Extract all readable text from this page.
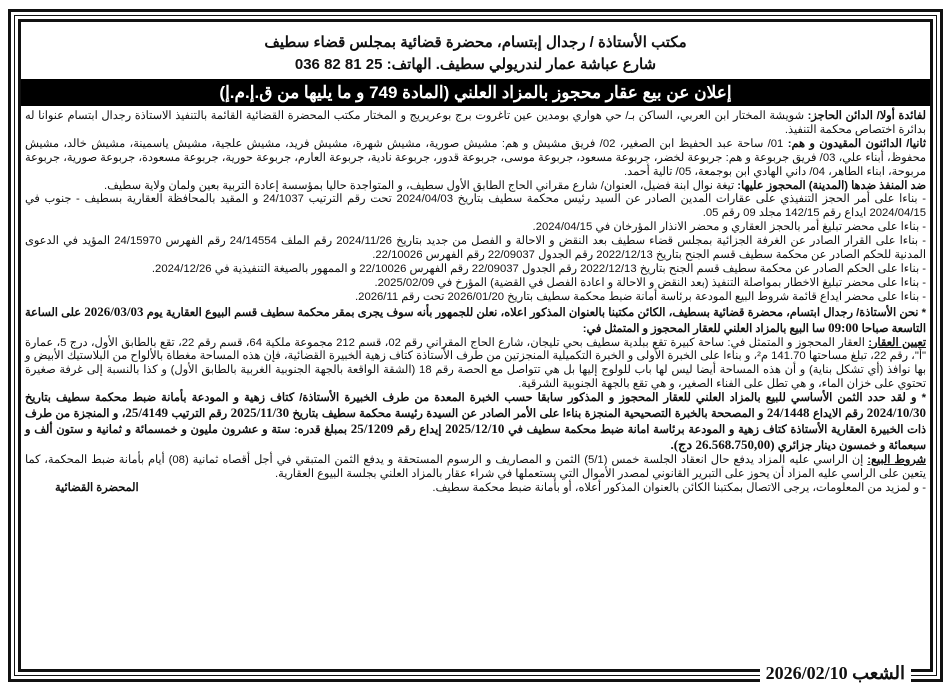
مكتب الأستاذة / رجدال إبتسام، محضرة قضائية بمجلس قضاء سطيف
شارع عباشة عمار لندريولي سطيف. الهاتف: 25 81 82 036
إعلان عن بيع عقار محجوز بالمزاد العلني (المادة 749 و ما يليها من ق.إ.م.إ)

لفائدة أولا/ الدائن الحاجز: شويشة المختار ابن العربي، الساكن بـ/ حي هواري بومدين عين تاغروت برج بوعريريج و المختار مكتب المحضرة القضائية القائمة بالتنفيذ الاستاذة رجدال ابتسام عنوانا له بدائرة اختصاص محكمة التنفيذ.

ثانيا/ الدائنون المقيدون و هم: 01/ ساحة عبد الحفيظ ابن الصغير، 02/ فريق مشيش و هم: مشيش صورية، مشيش شهرة، مشيش فريد، مشيش علجية، مشيش ياسمينة، مشيش خالد، مشيش محفوظ، أبناء علي، 03/ فريق جربوعة و هم: جربوعة لخضر، جربوعة مسعود، جربوعة موسى، جربوعة قدور، جربوعة نادية، جربوعة العارم، جربوعة حورية، جربوعة مسعودة، جربوعة صورية، جربوعة مربوحة، ابناء الطاهر، 04/ داني الهادي ابن بوجمعة، 05/ تالية أحمد.

ضد المنفذ ضدها (المدينة) المحجوز عليها: تيغة نوال ابنة فضيل، العنوان/ شارع مقراني الحاج الطابق الأول سطيف، و المتواجدة حاليا بمؤسسة إعادة التربية بعين ولمان ولاية سطيف.

- بناءا على أمر الحجز التنفيذي على عقارات المدين الصادر عن السيد رئيس محكمة سطيف بتاريخ 2024/04/03 تحت رقم الترتيب 24/1037 و المقيد بالمحافظة العقارية بسطيف - جنوب في 2024/04/15 ايداع رقم 142/15 مجلد 09 رقم 05.

- بناءا على محضر تبليغ أمر بالحجز العقاري و محضر الانذار المؤرخان في 2024/04/15.

- بناءا على القرار الصادر عن الغرفة الجزائية بمجلس قضاء سطيف بعد النقض و الاحالة و الفصل من جديد بتاريخ 2024/11/26 رقم الملف 24/14554 رقم الفهرس 24/15970 المؤيد في الدعوى المدنية للحكم الصادر عن محكمة سطيف قسم الجنح بتاريخ 2022/12/13 رقم الجدول 22/09037 رقم الفهرس 22/10026.

- بناءا على الحكم الصادر عن محكمة سطيف قسم الجنح بتاريخ 2022/12/13 رقم الجدول 22/09037 رقم الفهرس 22/10026 و الممهور بالصيغة التنفيذية في 2024/12/26.

- بناءا على محضر تبليغ الاخطار بمواصلة التنفيذ (بعد النقض و الاحالة و اعادة الفصل في القضية) المؤرخ في 2025/02/09.

- بناءا على محضر ايداع قائمة شروط البيع المودعة برئاسة أمانة ضبط محكمة سطيف بتاريخ 2026/01/20 تحت رقم 2026/11.

* نحن الأستاذة/ رجدال ابتسام، محضرة قضائية بسطيف، الكائن مكتبنا بالعنوان المذكور اعلاه، نعلن للجمهور بأنه سوف يجرى بمقر محكمة سطيف قسم البيوع العقارية يوم 2026/03/03 على الساعة التاسعة صباحا 09:00 سا البيع بالمزاد العلني للعقار المحجوز و المتمثل في:

تعيين العقار: العقار المحجوز و المتمثل في: ساحة كبيرة تقع ببلدية سطيف بحي تليجان، شارع الحاج المقراني رقم 02، قسم 212 مجموعة ملكية 64، قسم رقم 22، تقع بالطابق الأول، درج 5، عمارة "أ"، رقم 22، تبلغ مساحتها 141.70 م²، و بناءا على الخبرة الأولى و الخبرة التكميلية المنجزتين من طرف الأستاذة كتاف زهية الخبيرة القضائية، فإن هذه المساحة مغطاة بالألواح من البلاستيك الأبيض و بها نوافذ (أي تشكل بناية) و أن هذه المساحة أيضا ليس لها باب للولوج إليها بل هي تتواصل مع الحصة رقم 18 (الشقة الواقعة بالجهة الجنوبية الغربية بالطابق الأول) و كذا بالنسبة إلى غرفة صغيرة تحتوي على خزان الماء، و هي تطل على الفناء الصغير، و هي تقع بالجهة الجنوبية الشرقية.

* و لقد حدد الثمن الأساسي للبيع بالمزاد العلني للعقار المحجوز و المذكور سابقا حسب الخبرة المعدة من طرف الخبيرة الأستاذة/ كتاف زهية و المودعة بأمانة ضبط محكمة سطيف بتاريخ 2024/10/30 رقم الايداع 24/1448 و المصححة بالخبرة التصحيحية المنجزة بناءا على الأمر الصادر عن السيدة رئيسة محكمة سطيف بتاريخ 2025/11/30 رقم الترتيب 25/4149، و المنجزة من طرف ذات الخبيرة العقارية الأستاذة كتاف زهية و المودعة برئاسة امانة ضبط محكمة سطيف في 2025/12/10 إيداع رقم 25/1209 بمبلغ قدره: ستة و عشرون مليون و خمسمائة و ثمانية و ستون ألف و سبعمائة و خمسون دينار جزائري (26.568.750,00 دج).

شروط البيع: إن الراسي عليه المزاد يدفع حال انعقاد الجلسة خمس (5/1) الثمن و المصاريف و الرسوم المستحقة و يدفع الثمن المتبقي في أجل أقصاه ثمانية (08) أيام بأمانة ضبط المحكمة، كما يتعين على الراسي عليه المزاد أن يحوز على التبرير القانوني لمصدر الأموال التي يستعملها في شراء عقار بالمزاد العلني بجلسة البيوع العقارية.

- و لمزيد من المعلومات، يرجى الاتصال بمكتبنا الكائن بالعنوان المذكور أعلاه، أو بأمانة ضبط محكمة سطيف.
المحضرة القضائية
الشعب 2026/02/10
